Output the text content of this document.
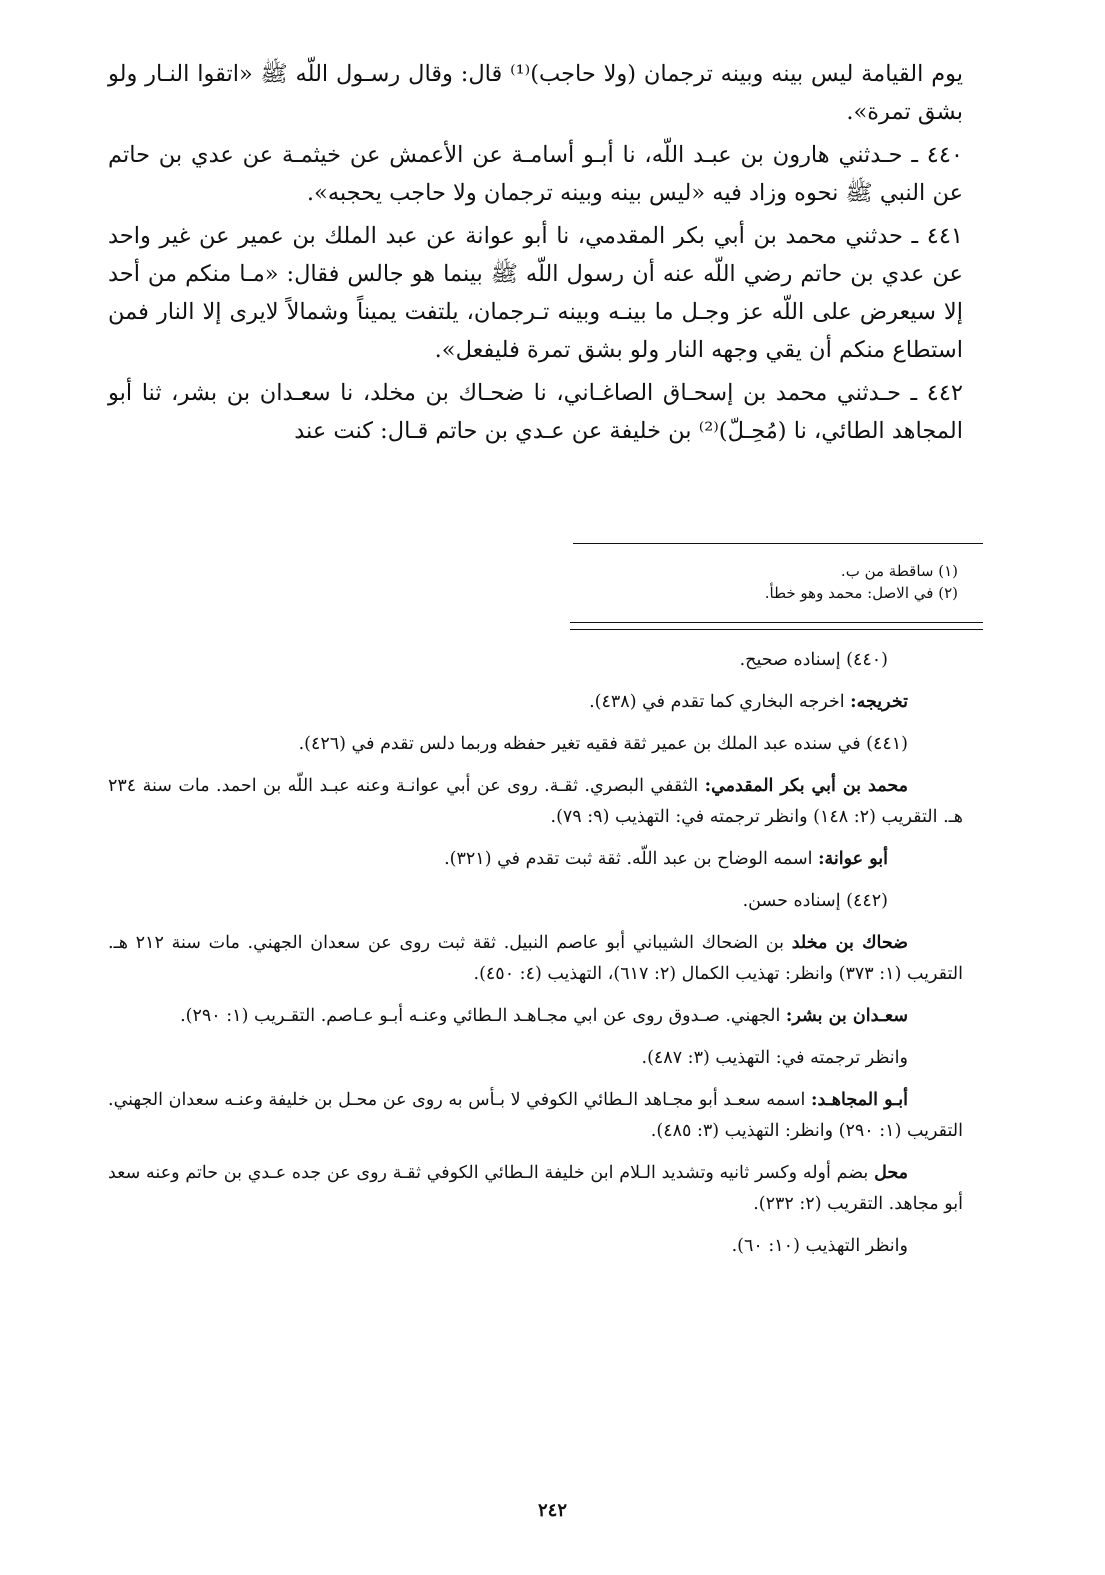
يوم القيامة ليس بينه وبينه ترجمان (ولا حاجب)⁽¹⁾ قال: وقال رسـول اللّه ﷺ «اتقوا النـار ولو بشق تمرة».

٤٤٠ ـ حـدثني هارون بن عبـد اللّه، نا أبـو أسامـة عن الأعمش عن خيثمـة عن عدي بن حاتم عن النبي ﷺ نحوه وزاد فيه «ليس بينه وبينه ترجمان ولا حاجب يحجبه».

٤٤١ ـ حدثني محمد بن أبي بكر المقدمي، نا أبو عوانة عن عبد الملك بن عمير عن غير واحد عن عدي بن حاتم رضي اللّه عنه أن رسول اللّه ﷺ بينما هو جالس فقال: «مـا منكم من أحد إلا سيعرض على اللّه عز وجـل ما بينـه وبينه تـرجمان، يلتفت يميناً وشمالاً لايرى إلا النار فمن استطاع منكم أن يقي وجهه النار ولو بشق تمرة فليفعل».

٤٤٢ ـ حـدثني محمد بن إسحـاق الصاغـاني، نا ضحـاك بن مخلد، نا سعـدان بن بشر، ثنا أبو المجاهد الطائي، نا (مُحِـلّ)⁽²⁾ بن خليفة عن عـدي بن حاتم قـال: كنت عند

(١) ساقطة من ب.
(٢) في الاصل: محمد وهو خطأ.

(٤٤٠) إسناده صحيح.

تخريجه: اخرجه البخاري كما تقدم في (٤٣٨).

(٤٤١) في سنده عبد الملك بن عمير ثقة فقيه تغير حفظه وربما دلس تقدم في (٤٢٦).

محمد بن أبي بكر المقدمي: الثقفي البصري. ثقـة. روى عن أبي عوانـة وعنه عبـد اللّه بن احمد. مات سنة ٢٣٤ هـ. التقريب (٢: ١٤٨) وانظر ترجمته في: التهذيب (٩: ٧٩).

أبو عوانة: اسمه الوضاح بن عبد اللّه. ثقة ثبت تقدم في (٣٢١).

(٤٤٢) إسناده حسن.

ضحاك بن مخلد بن الضحاك الشيباني أبو عاصم النبيل. ثقة ثبت روى عن سعدان الجهني. مات سنة ٢١٢ هـ. التقريب (١: ٣٧٣) وانظر: تهذيب الكمال (٢: ٦١٧)، التهذيب (٤: ٤٥٠).

سعـدان بن بشر: الجهني. صـدوق روى عن ابي مجـاهـد الـطائي وعنـه أبـو عـاصم. التقـريب (١: ٢٩٠).

وانظر ترجمته في: التهذيب (٣: ٤٨٧).

أبـو المجاهـد: اسمه سعـد أبو مجـاهد الـطائي الكوفي لا بـأس به روى عن محـل بن خليفة وعنـه سعدان الجهني. التقريب (١: ٢٩٠) وانظر: التهذيب (٣: ٤٨٥).

محل بضم أوله وكسر ثانيه وتشديد الـلام ابن خليفة الـطائي الكوفي ثقـة روى عن جده عـدي بن حاتم وعنه سعد أبو مجاهد. التقريب (٢: ٢٣٢).

وانظر التهذيب (١٠: ٦٠).

٢٤٢
